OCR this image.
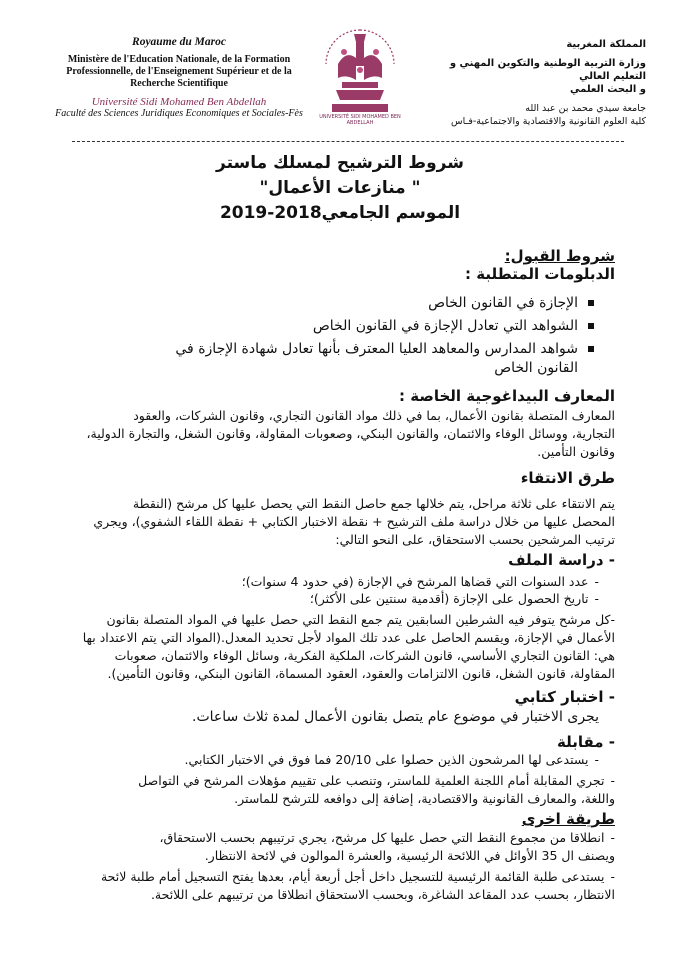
Royaume du Maroc
Ministère de l'Education Nationale, de la Formation
Professionnelle, de l'Enseignement Supérieur et de la
Recherche Scientifique
Université Sidi Mohamed Ben Abdellah
Faculté des Sciences Juridiques Economiques et Sociales-Fès	UNIVERSITÉ SIDI MOHAMED BEN ABDELLAH
المملكة المغربية
وزارة التربية الوطنية والتكوين المهني و التعليم العالي
و البحث العلمي
جامعة سيدي محمد بن عبد الله
كلية العلوم القانونية والاقتصادية والاجتماعية-فـاس
شروط الترشيح لمسلك ماستر
" منازعات الأعمال"
الموسم الجامعي2018-2019
شروط القبول:
الدبلومات المتطلبة :
الإجازة في القانون الخاص
الشواهد التي تعادل الإجازة في القانون الخاص
شواهد المدارس والمعاهد العليا المعترف بأنها تعادل شهادة الإجازة في
القانون الخاص
المعارف البيداغوجية الخاصة :
المعارف المتصلة بقانون الأعمال، بما في ذلك مواد القانون التجاري، وقانون الشركات، والعقود
التجارية، ووسائل الوفاء والائتمان، والقانون البنكي، وصعوبات المقاولة، وقانون الشغل، والتجارة الدولية،
وقانون التأمين.
طرق الانتقاء
يتم الانتقاء على ثلاثة مراحل، يتم خلالها جمع حاصل النقط التي يحصل عليها كل مرشح (النقطة
المحصل عليها من خلال دراسة ملف الترشيح + نقطة الاختبار الكتابي + نقطة اللقاء الشفوي)، ويجري
ترتيب المرشحين بحسب الاستحقاق، على النحو التالي:
- دراسة الملف
-عدد السنوات التي قضاها المرشح في الإجازة (في حدود 4 سنوات)؛
-تاريخ الحصول على الإجازة (أقدمية سنتين على الأكثر)؛
-كل مرشح يتوفر فيه الشرطين السابقين يتم جمع النقط التي حصل عليها في المواد المتصلة بقانون
الأعمال في الإجازة، ويقسم الحاصل على عدد تلك المواد لأجل تحديد المعدل.(المواد التي يتم الاعتداد بها
هي: القانون التجاري الأساسي، قانون الشركات، الملكية الفكرية، وسائل الوفاء والائتمان، صعوبات
المقاولة، قانون الشغل، قانون الالتزامات والعقود، العقود المسماة، القانون البنكي، وقانون التأمين).
- اختبار كتابي
يجرى الاختبار في موضوع عام يتصل بقانون الأعمال لمدة ثلاث ساعات.
- مقابلة
-يستدعى لها المرشحون الذين حصلوا على 20/10 فما فوق في الاختبار الكتابي.
-تجري المقابلة أمام اللجنة العلمية للماستر، وتنصب على تقييم مؤهلات المرشح في التواصل
واللغة، والمعارف القانونية والاقتصادية، إضافة إلى دوافعه للترشح للماستر.
طريقة اخرى
-انطلاقا من مجموع النقط التي حصل عليها كل مرشح، يجري ترتيبهم بحسب الاستحقاق،
ويصنف ال 35 الأوائل في اللائحة الرئيسية، والعشرة الموالون في لائحة الانتظار.
-يستدعى طلبة القائمة الرئيسية للتسجيل داخل أجل أربعة أيام، بعدها يفتح التسجيل أمام طلبة لائحة
الانتظار، بحسب عدد المقاعد الشاغرة، وبحسب الاستحقاق انطلاقا من ترتيبهم على اللائحة.
